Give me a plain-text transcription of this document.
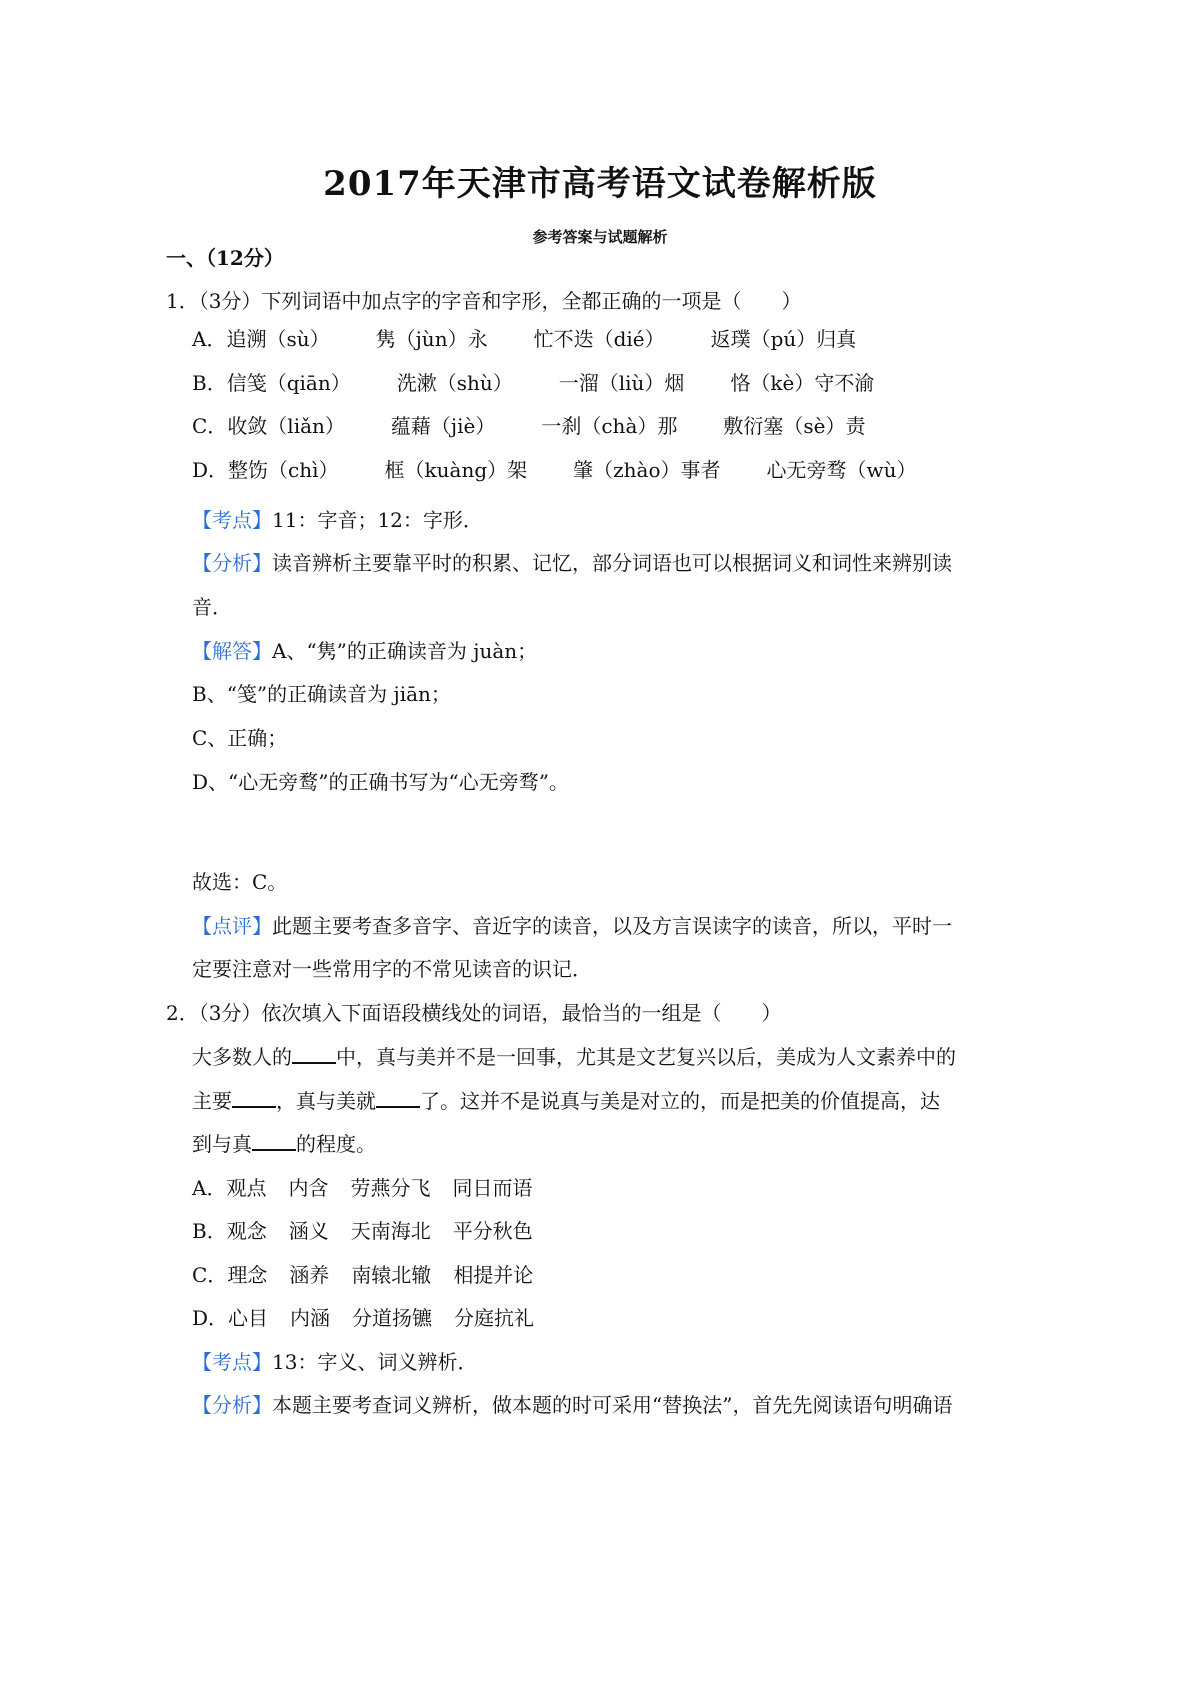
2017年天津市高考语文试卷解析版
参考答案与试题解析
一、（12分）
1．（3分）下列词语中加点字的字音和字形，全都正确的一项是（　　）
A．追溯（sù） 隽（jùn）永 忙不迭（dié） 返璞（pú）归真
B．信笺（qiān） 洗漱（shù） 一溜（liù）烟 恪（kè）守不渝
C．收敛（liǎn） 蕴藉（jiè） 一刹（chà）那 敷衍塞（sè）责
D．整饬（chì） 框（kuàng）架 肇（zhào）事者 心无旁骛（wù）
【考点】11：字音；12：字形．
【分析】读音辨析主要靠平时的积累、记忆，部分词语也可以根据词义和词性来辨别读
音．
【解答】A、“隽”的正确读音为 juàn；
B、“笺”的正确读音为 jiān；
C、正确；
D、“心无旁鹜”的正确书写为“心无旁骛”。
故选：C。
【点评】此题主要考查多音字、音近字的读音，以及方言误读字的读音，所以，平时一
定要注意对一些常用字的不常见读音的识记．
2．（3分）依次填入下面语段横线处的词语，最恰当的一组是（　　）
大多数人的 中，真与美并不是一回事，尤其是文艺复兴以后，美成为人文素养中的
主要 ，真与美就 了。这并不是说真与美是对立的，而是把美的价值提高，达
到与真 的程度。
A．观点 内含 劳燕分飞 同日而语
B．观念 涵义 天南海北 平分秋色
C．理念 涵养 南辕北辙 相提并论
D．心目 内涵 分道扬镳 分庭抗礼
【考点】13：字义、词义辨析．
【分析】本题主要考查词义辨析，做本题的时可采用“替换法”，首先先阅读语句明确语
